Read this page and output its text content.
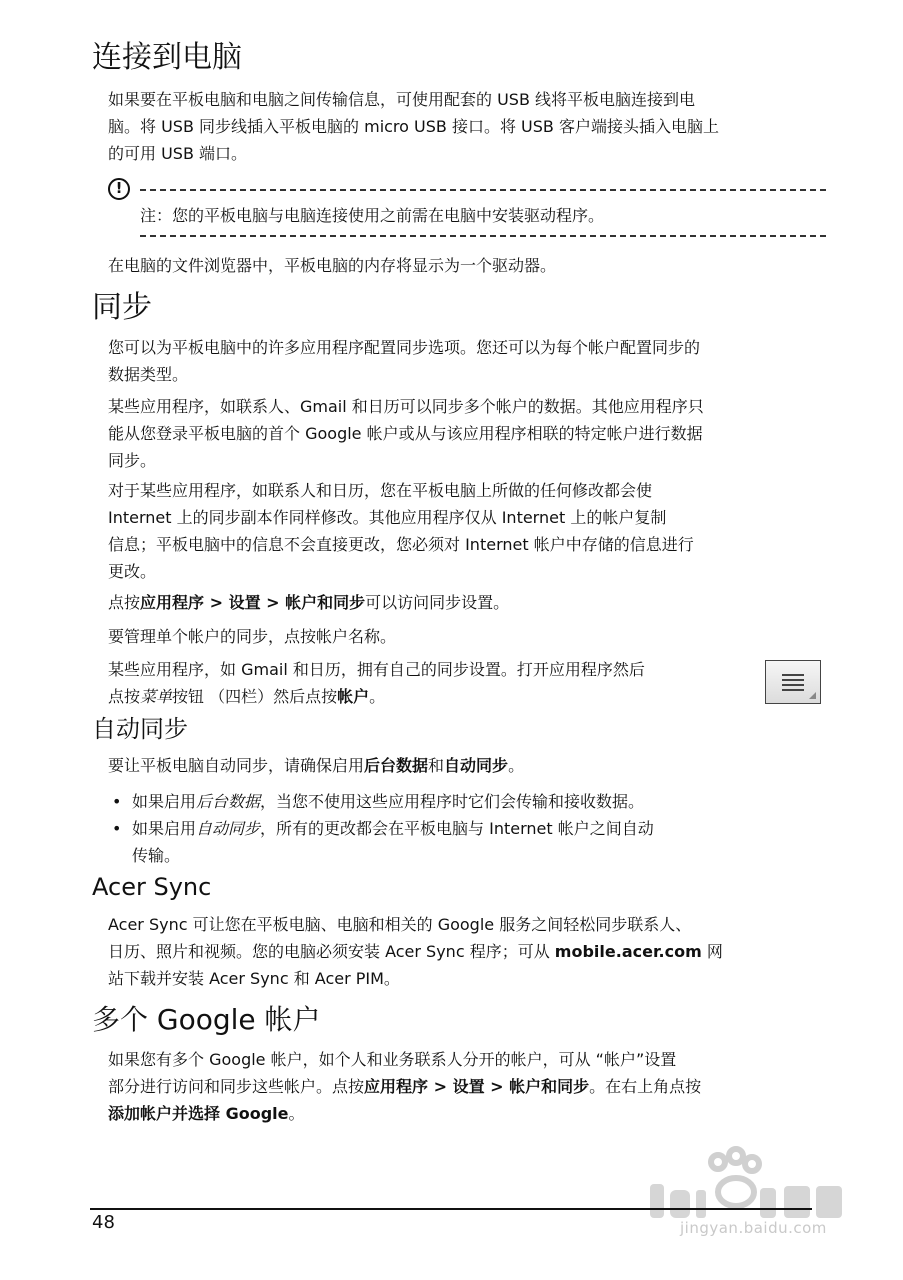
连接到电脑

如果要在平板电脑和电脑之间传输信息，可使用配套的 USB 线将平板电脑连接到电
脑。将 USB 同步线插入平板电脑的 micro USB 接口。将 USB 客户端接头插入电脑上
的可用 USB 端口。

!

注：您的平板电脑与电脑连接使用之前需在电脑中安装驱动程序。

在电脑的文件浏览器中，平板电脑的内存将显示为一个驱动器。

同步

您可以为平板电脑中的许多应用程序配置同步选项。您还可以为每个帐户配置同步的
数据类型。

某些应用程序，如联系人、Gmail 和日历可以同步多个帐户的数据。其他应用程序只
能从您登录平板电脑的首个 Google 帐户或从与该应用程序相联的特定帐户进行数据
同步。

对于某些应用程序，如联系人和日历，您在平板电脑上所做的任何修改都会使
Internet 上的同步副本作同样修改。其他应用程序仅从 Internet 上的帐户复制
信息；平板电脑中的信息不会直接更改，您必须对 Internet 帐户中存储的信息进行
更改。

点按应用程序 > 设置 > 帐户和同步可以访问同步设置。

要管理单个帐户的同步，点按帐户名称。

某些应用程序，如 Gmail 和日历，拥有自己的同步设置。打开应用程序然后
点按菜单按钮 （四栏）然后点按帐户。

自动同步

要让平板电脑自动同步，请确保启用后台数据和自动同步。

• 如果启用后台数据，当您不使用这些应用程序时它们会传输和接收数据。

• 如果启用自动同步，所有的更改都会在平板电脑与 Internet 帐户之间自动
传输。

Acer Sync

Acer Sync 可让您在平板电脑、电脑和相关的 Google 服务之间轻松同步联系人、
日历、照片和视频。您的电脑必须安装 Acer Sync 程序；可从 mobile.acer.com 网
站下载并安装 Acer Sync 和 Acer PIM。

多个 Google 帐户

如果您有多个 Google 帐户，如个人和业务联系人分开的帐户，可从 “帐户”设置
部分进行访问和同步这些帐户。点按应用程序 > 设置 > 帐户和同步。在右上角点按
添加帐户并选择 Google。

jingyan.baidu.com
48
